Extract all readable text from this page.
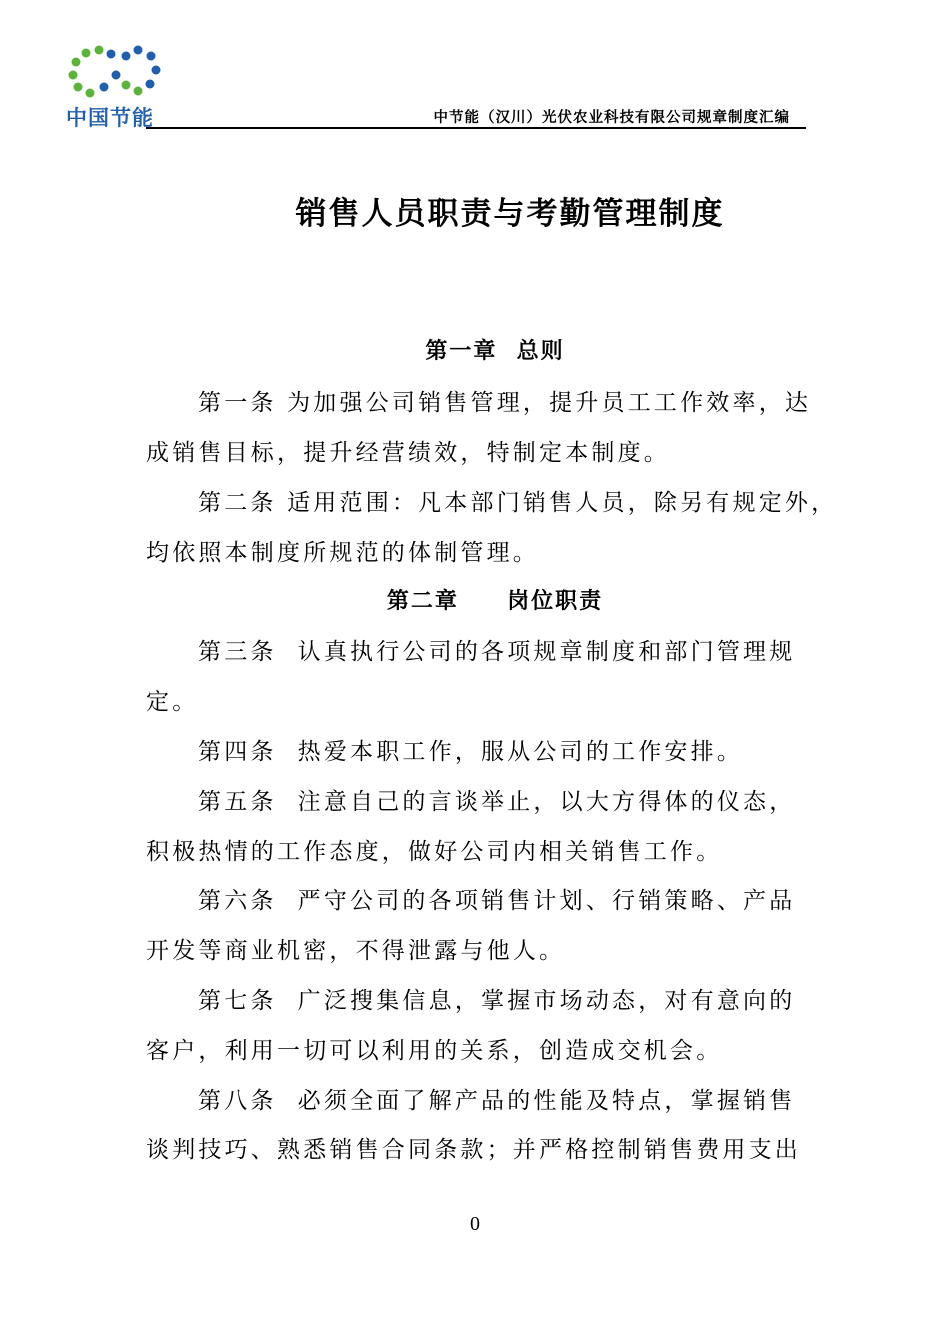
中国节能	中节能（汉川）光伏农业科技有限公司规章制度汇编
销售人员职责与考勤管理制度
第一章  总则
第一条 为加强公司销售管理，提升员工工作效率，达
成销售目标，提升经营绩效，特制定本制度。
第二条 适用范围：凡本部门销售人员，除另有规定外，
均依照本制度所规范的体制管理。
第二章     岗位职责
第三条  认真执行公司的各项规章制度和部门管理规
定。
第四条  热爱本职工作，服从公司的工作安排。
第五条  注意自己的言谈举止，以大方得体的仪态，
积极热情的工作态度，做好公司内相关销售工作。
第六条  严守公司的各项销售计划、行销策略、产品
开发等商业机密，不得泄露与他人。
第七条  广泛搜集信息，掌握市场动态，对有意向的
客户，利用一切可以利用的关系，创造成交机会。
第八条  必须全面了解产品的性能及特点，掌握销售
谈判技巧、熟悉销售合同条款；并严格控制销售费用支出
0
